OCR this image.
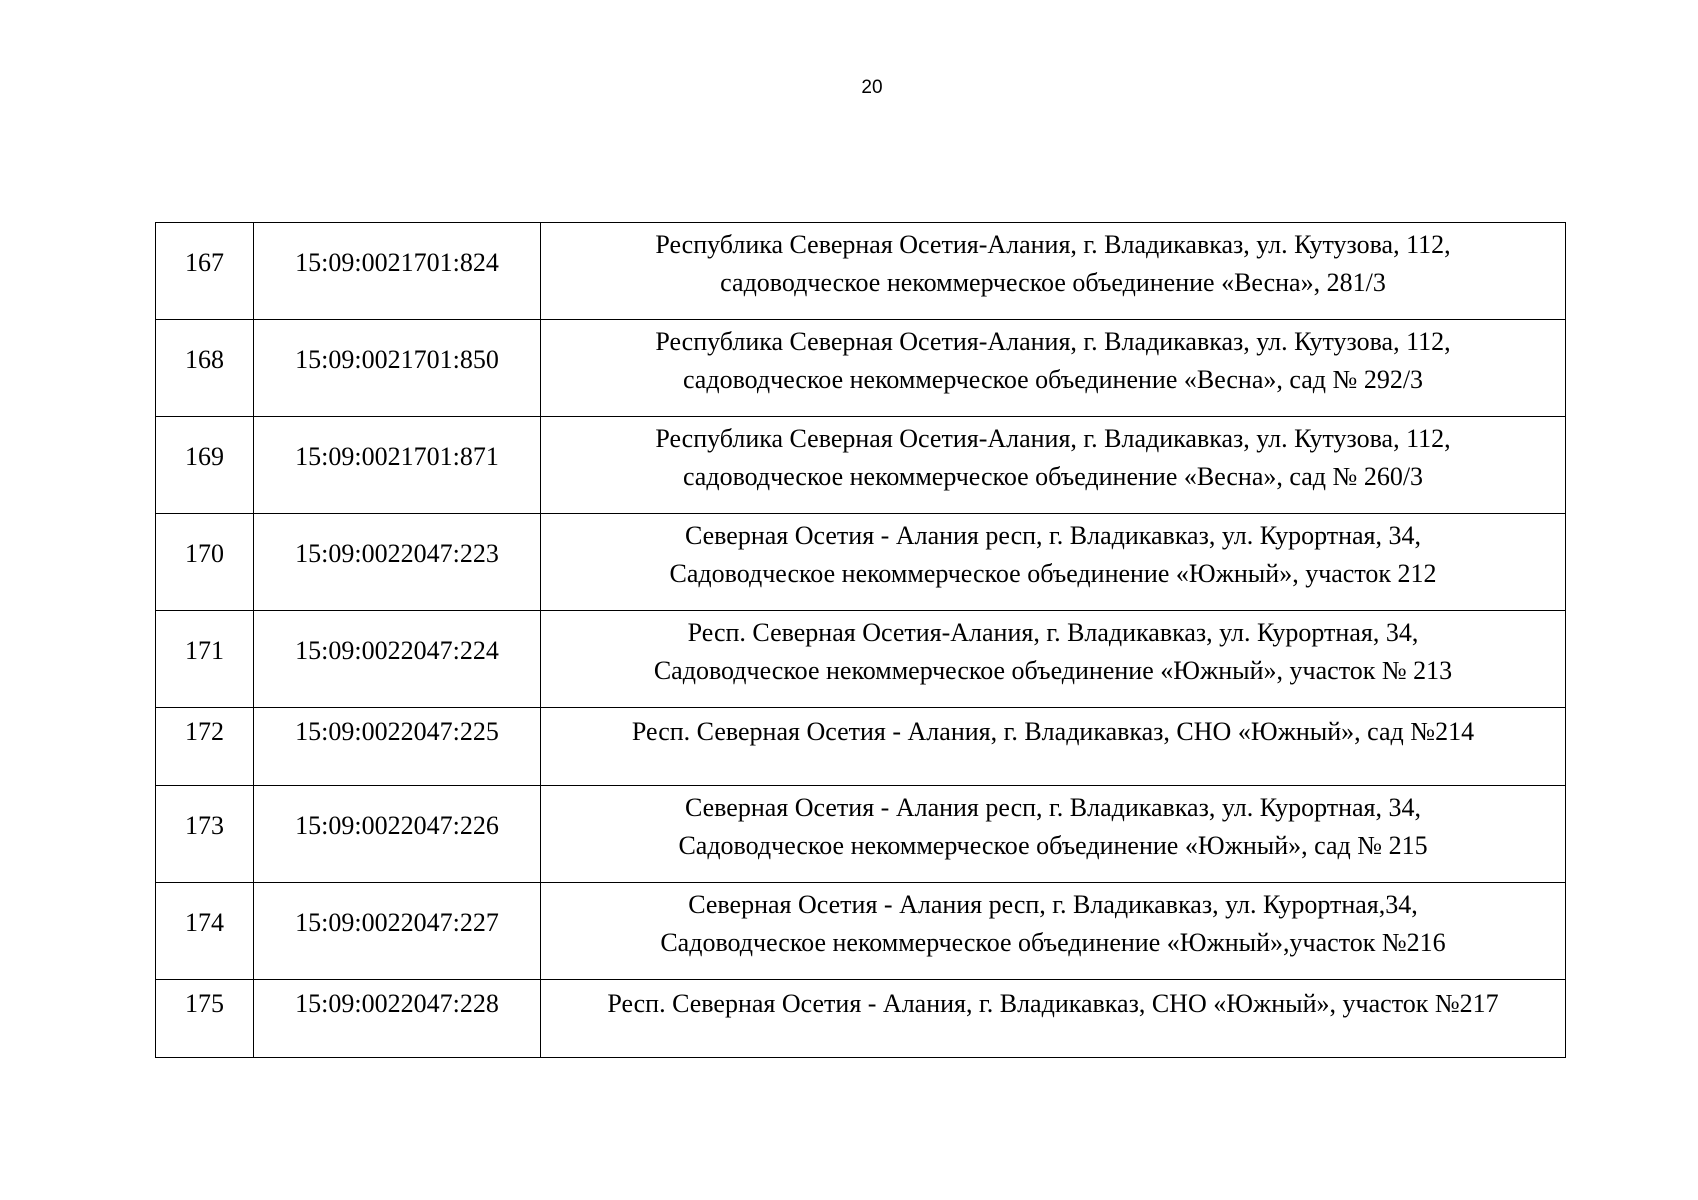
20
167	15:09:0021701:824	Республика Северная Осетия-Алания, г. Владикавказ, ул. Кутузова, 112,
садоводческое некоммерческое объединение «Весна», 281/3

168	15:09:0021701:850	Республика Северная Осетия-Алания, г. Владикавказ, ул. Кутузова, 112,
садоводческое некоммерческое объединение «Весна», сад № 292/3

169	15:09:0021701:871	Республика Северная Осетия-Алания, г. Владикавказ, ул. Кутузова, 112,
садоводческое некоммерческое объединение «Весна», сад № 260/3

170	15:09:0022047:223	Северная Осетия - Алания респ, г. Владикавказ, ул. Курортная, 34,
Садоводческое некоммерческое объединение «Южный», участок 212

171	15:09:0022047:224	Респ. Северная Осетия-Алания, г. Владикавказ, ул. Курортная, 34,
Садоводческое некоммерческое объединение «Южный», участок № 213

172	15:09:0022047:225	Респ. Северная Осетия - Алания, г. Владикавказ, СНО «Южный», сад №214

173	15:09:0022047:226	Северная Осетия - Алания респ, г. Владикавказ, ул. Курортная, 34,
Садоводческое некоммерческое объединение «Южный», сад № 215

174	15:09:0022047:227	Северная Осетия - Алания респ, г. Владикавказ, ул. Курортная,34,
Садоводческое некоммерческое объединение «Южный»,участок №216

175	15:09:0022047:228	Респ. Северная Осетия - Алания, г. Владикавказ, СНО «Южный», участок №217
